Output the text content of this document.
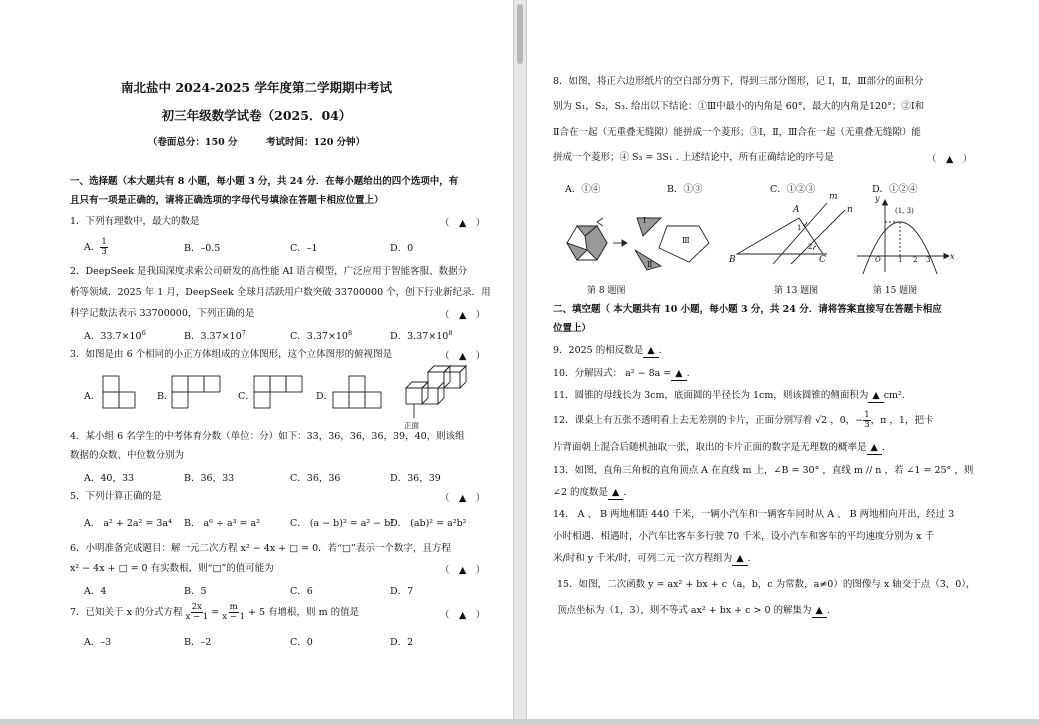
南北盐中 2024-2025 学年度第二学期期中考试
初三年级数学试卷（2025．04）
（卷面总分：150 分　　　考试时间：120 分钟）
一、选择题（本大题共有 8 小题，每小题 3 分，共 24 分．在每小题给出的四个选项中，有
且只有一项是正确的，请将正确选项的字母代号填涂在答题卡相应位置上）
1．下列有理数中，最大的数是	（　▲　）
A． $\frac{1}{3}$	B．–0.5	C．–1	D．0
2．DeepSeek 是我国深度求索公司研发的高性能 AI 语言模型，广泛应用于智能客服、数据分
析等领域．2025 年 1 月，DeepSeek 全球月活跃用户数突破 33700000 个，创下行业新纪录．用
科学记数法表示 33700000，下列正确的是	（　▲　）
A．$33.7\times 10^6$	B．$3.37\times 10^7$	C．$3.37\times 10^8$	D．$3.37\times 10^8$
3．如图是由 6 个相同的小正方体组成的立体图形，这个立体图形的俯视图是	（　▲　）
A．	B．	C．	D．
正面
4．某小组 6 名学生的中考体育分数（单位：分）如下：33，36，36，36，39，40，则该组
数据的众数、中位数分别为
A．40，33	B．36，33	C．36，36	D．36，39
5．下列计算正确的是	（　▲　）
A． a² + 2a² = 3a⁴ B． a⁶ ÷ a³ = a²	C． (a − b)² = a² − b²
D． (ab)² = a²b²
6．小明准备完成题目：解一元二次方程 x² − 4x + □ = 0．若“□”表示一个数字，且方程
x² − 4x + □ = 0 有实数根，则“□”的值可能为	（　▲　）
A．4	B．5	C．6	D．7
7．已知关于 x 的分式方程 $\frac{2x}{x - 1} = \frac{m}{x - 1} + 5$ 有增根，则 m 的值是	（　▲　）
A．–3	B．–2	C．0	D．2
8．如图，将正六边形纸片的空白部分剪下，得到三部分图形，记 Ⅰ，Ⅱ，Ⅲ部分的面积分
别为 S₁，S₂，S₃. 给出以下结论：①Ⅲ中最小的内角是 60°，最大的内角是120°；②Ⅰ和
Ⅱ合在一起（无重叠无缝隙）能拼成一个菱形；③Ⅰ，Ⅱ，Ⅲ合在一起（无重叠无缝隙）能
拼成一个菱形；④ S₃ = 3S₁ . 上述结论中，所有正确结论的序号是	（　▲　）
A．①④	B．①③	C．①②③	D．①②④
Ⅰ
Ⅱ
Ⅲ
A
B	C
m
n
1
2
y
x
O
(1, 3)
1 2 3
第 8 题图	第 13 题图	第 15 题图
二、填空题（ 本大题共有 10 小题，每小题 3 分，共 24 分．请将答案直接写在答题卡相应
位置上）
9．2025 的相反数是 ▲ .
10．分解因式： a² − 8a = ▲ .
11．圆锥的母线长为 3cm，底面圆的半径长为 1cm，则该圆锥的侧面积为 ▲ cm².
12．课桌上有五张不透明看上去无差别的卡片，正面分别写着 √2 ，0，− $\frac{1}{3}$ ，π ，1，把卡
片背面朝上混合后随机抽取一张，取出的卡片正面的数字是无理数的概率是 ▲ .
13．如图，直角三角板的直角顶点 A 在直线 m 上，∠B = 30° ，直线 m // n ，若 ∠1 = 25° ，则
∠2 的度数是 ▲ .
14． A 、 B 两地相距 440 千米，一辆小汽车和一辆客车同时从 A 、 B 两地相向开出，经过 3
小时相遇．相遇时，小汽车比客车多行驶 70 千米，设小汽车和客车的平均速度分别为 x 千
米/时和 y 千米/时，可列二元一次方程组为 ▲ .
15．如图，二次函数 y = ax² + bx + c（a，b，c 为常数，a≠0）的图像与 x 轴交于点（3，0），
顶点坐标为（1，3），则不等式 ax² + bx + c > 0 的解集为 ▲ .
